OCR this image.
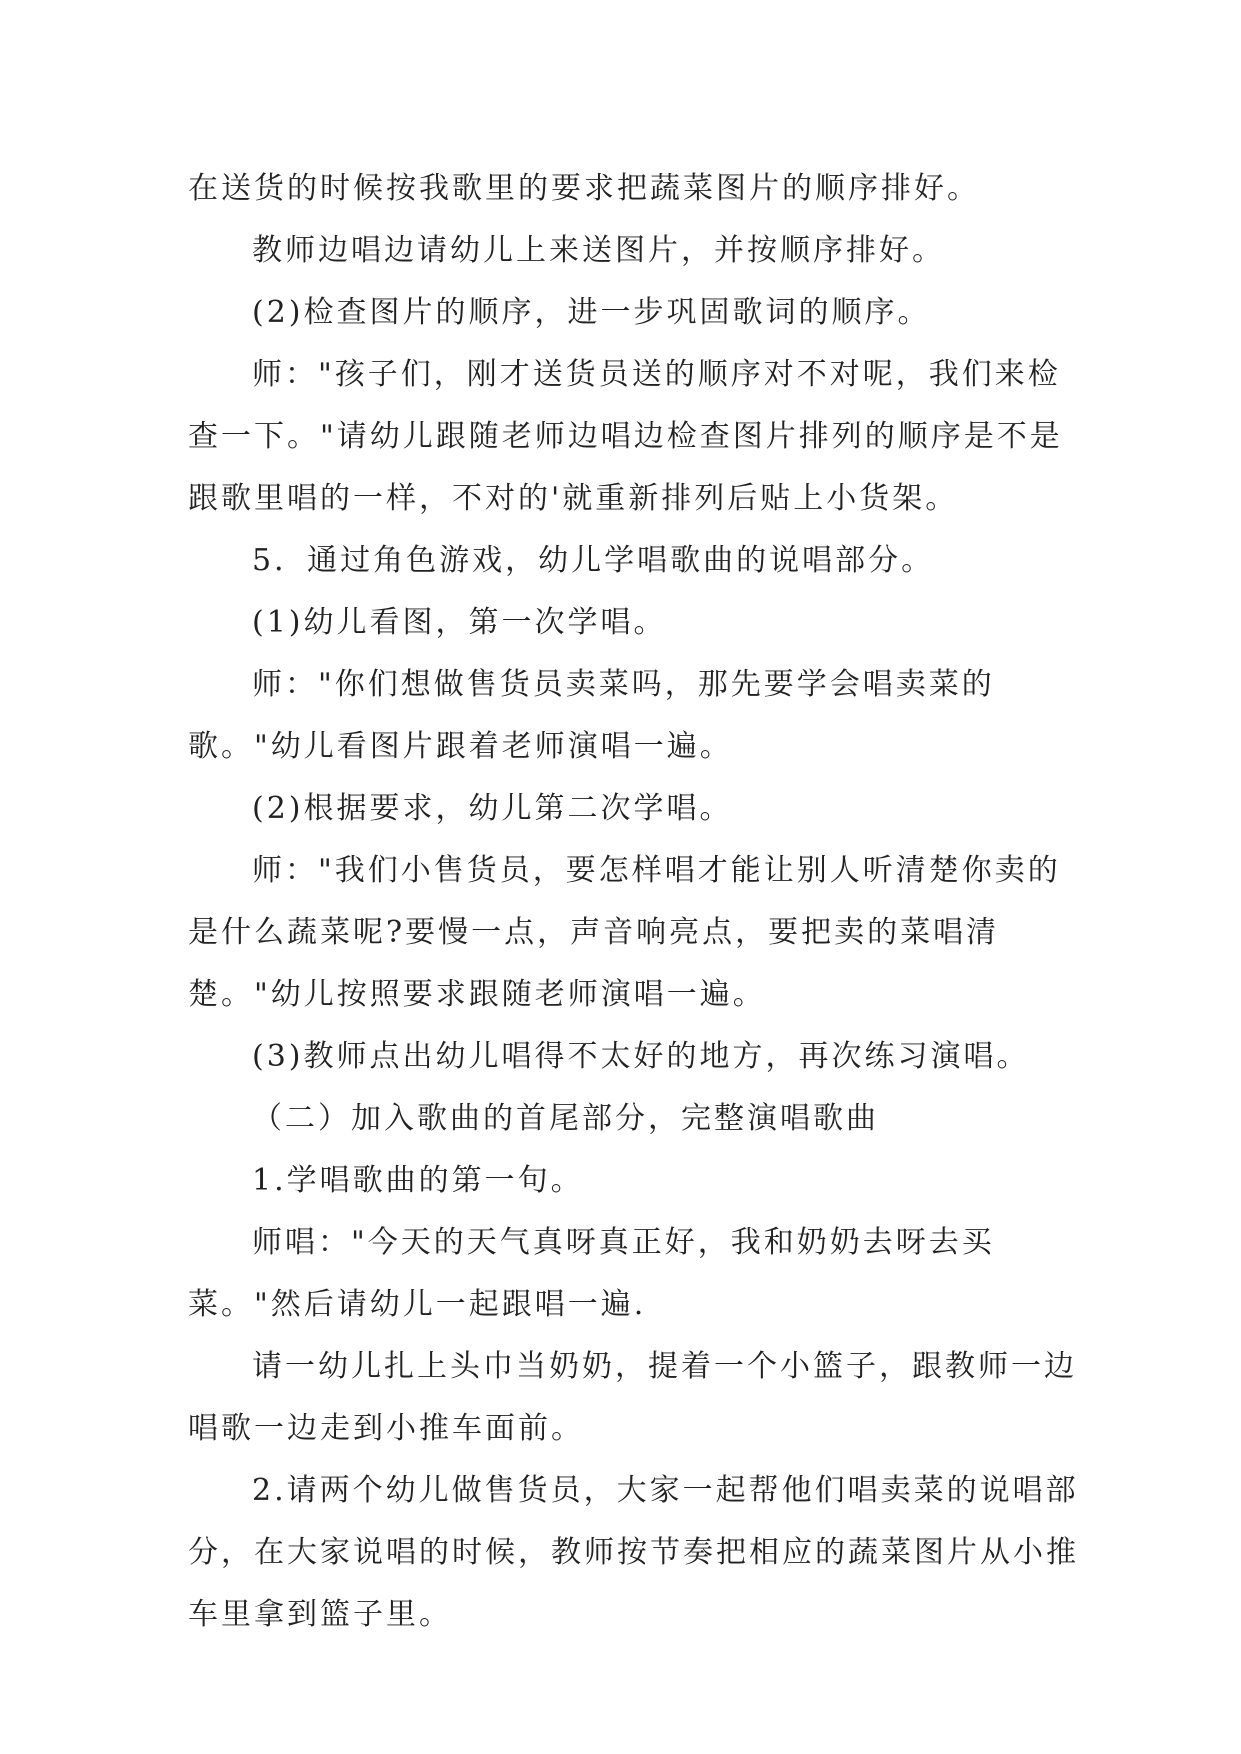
在送货的时候按我歌里的要求把蔬菜图片的顺序排好。

教师边唱边请幼儿上来送图片，并按顺序排好。

(2)检查图片的顺序，进一步巩固歌词的顺序。

师："孩子们，刚才送货员送的顺序对不对呢，我们来检查一下。"请幼儿跟随老师边唱边检查图片排列的顺序是不是跟歌里唱的一样，不对的'就重新排列后贴上小货架。

5．通过角色游戏，幼儿学唱歌曲的说唱部分。

(1)幼儿看图，第一次学唱。

师："你们想做售货员卖菜吗，那先要学会唱卖菜的歌。"幼儿看图片跟着老师演唱一遍。

(2)根据要求，幼儿第二次学唱。

师："我们小售货员，要怎样唱才能让别人听清楚你卖的是什么蔬菜呢?要慢一点，声音响亮点，要把卖的菜唱清楚。"幼儿按照要求跟随老师演唱一遍。

(3)教师点出幼儿唱得不太好的地方，再次练习演唱。

（二）加入歌曲的首尾部分，完整演唱歌曲

1.学唱歌曲的第一句。

师唱："今天的天气真呀真正好，我和奶奶去呀去买菜。"然后请幼儿一起跟唱一遍.

请一幼儿扎上头巾当奶奶，提着一个小篮子，跟教师一边唱歌一边走到小推车面前。

2.请两个幼儿做售货员，大家一起帮他们唱卖菜的说唱部分，在大家说唱的时候，教师按节奏把相应的蔬菜图片从小推车里拿到篮子里。
